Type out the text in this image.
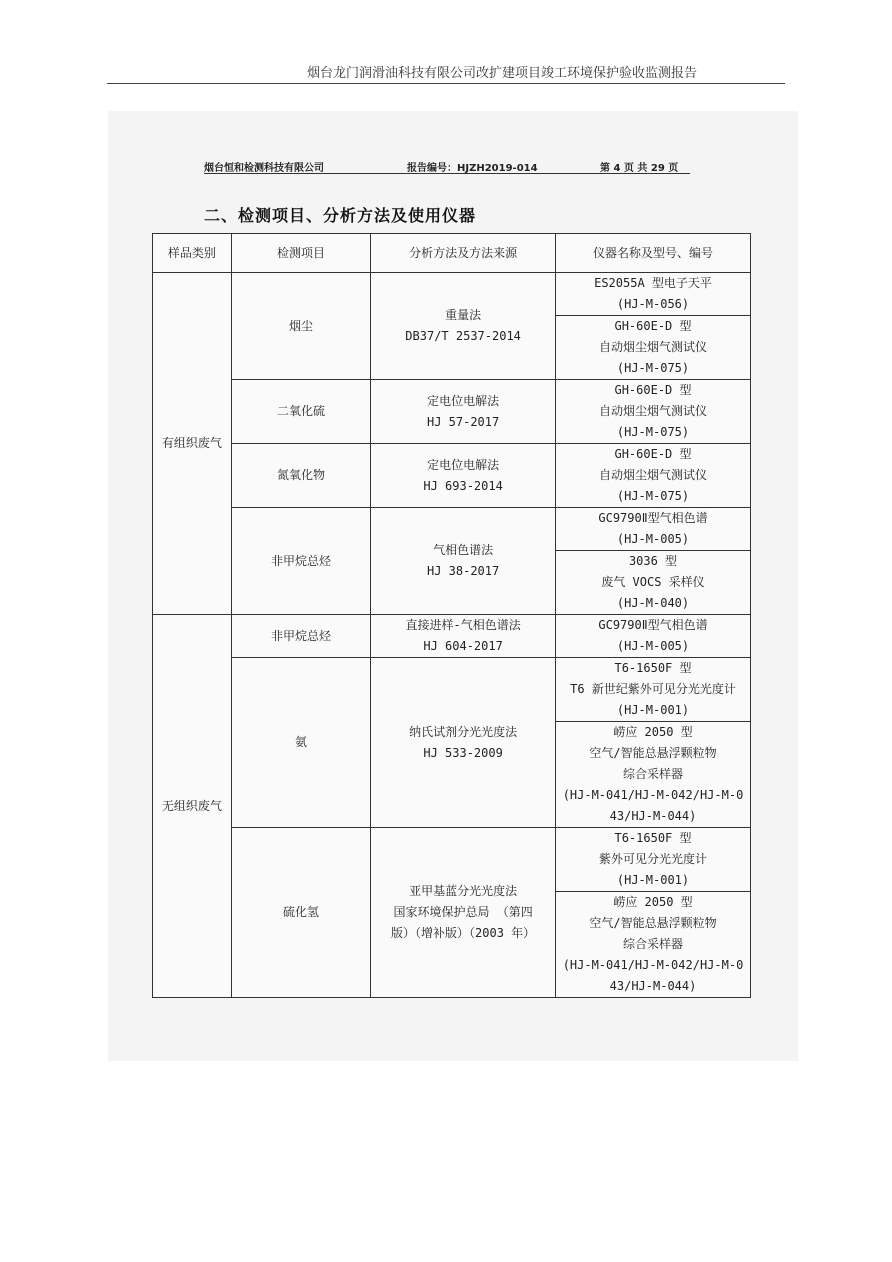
烟台龙门润滑油科技有限公司改扩建项目竣工环境保护验收监测报告
烟台恒和检测科技有限公司	报告编号：HJZH2019-014	第 4 页 共 29 页
二、检测项目、分析方法及使用仪器
样品类别	检测项目	分析方法及方法来源	仪器名称及型号、编号
有组织废气	烟尘	重量法
DB37/T 2537-2014	ES2055A 型电子天平
(HJ-M-056)

			GH-60E-D 型
自动烟尘烟气测试仪
(HJ-M-075)

	二氧化硫	定电位电解法
HJ 57-2017	GH-60E-D 型
自动烟尘烟气测试仪
(HJ-M-075)

	氮氧化物	定电位电解法
HJ 693-2014	GH-60E-D 型
自动烟尘烟气测试仪
(HJ-M-075)

	非甲烷总烃	气相色谱法
HJ 38-2017	GC9790Ⅱ型气相色谱
(HJ-M-005)

			3036 型
废气 VOCS 采样仪
(HJ-M-040)

无组织废气	非甲烷总烃	直接进样-气相色谱法
HJ 604-2017	GC9790Ⅱ型气相色谱
(HJ-M-005)

	氨	纳氏试剂分光光度法
HJ 533-2009	T6-1650F 型
T6 新世纪紫外可见分光光度计
(HJ-M-001)

			崂应 2050 型
空气/智能总悬浮颗粒物
综合采样器
(HJ-M-041/HJ-M-042/HJ-M-0
43/HJ-M-044)

	硫化氢	亚甲基蓝分光光度法
国家环境保护总局 （第四
版）（增补版）（2003 年）	T6-1650F 型
紫外可见分光光度计
(HJ-M-001)

			崂应 2050 型
空气/智能总悬浮颗粒物
综合采样器
(HJ-M-041/HJ-M-042/HJ-M-0
43/HJ-M-044)
